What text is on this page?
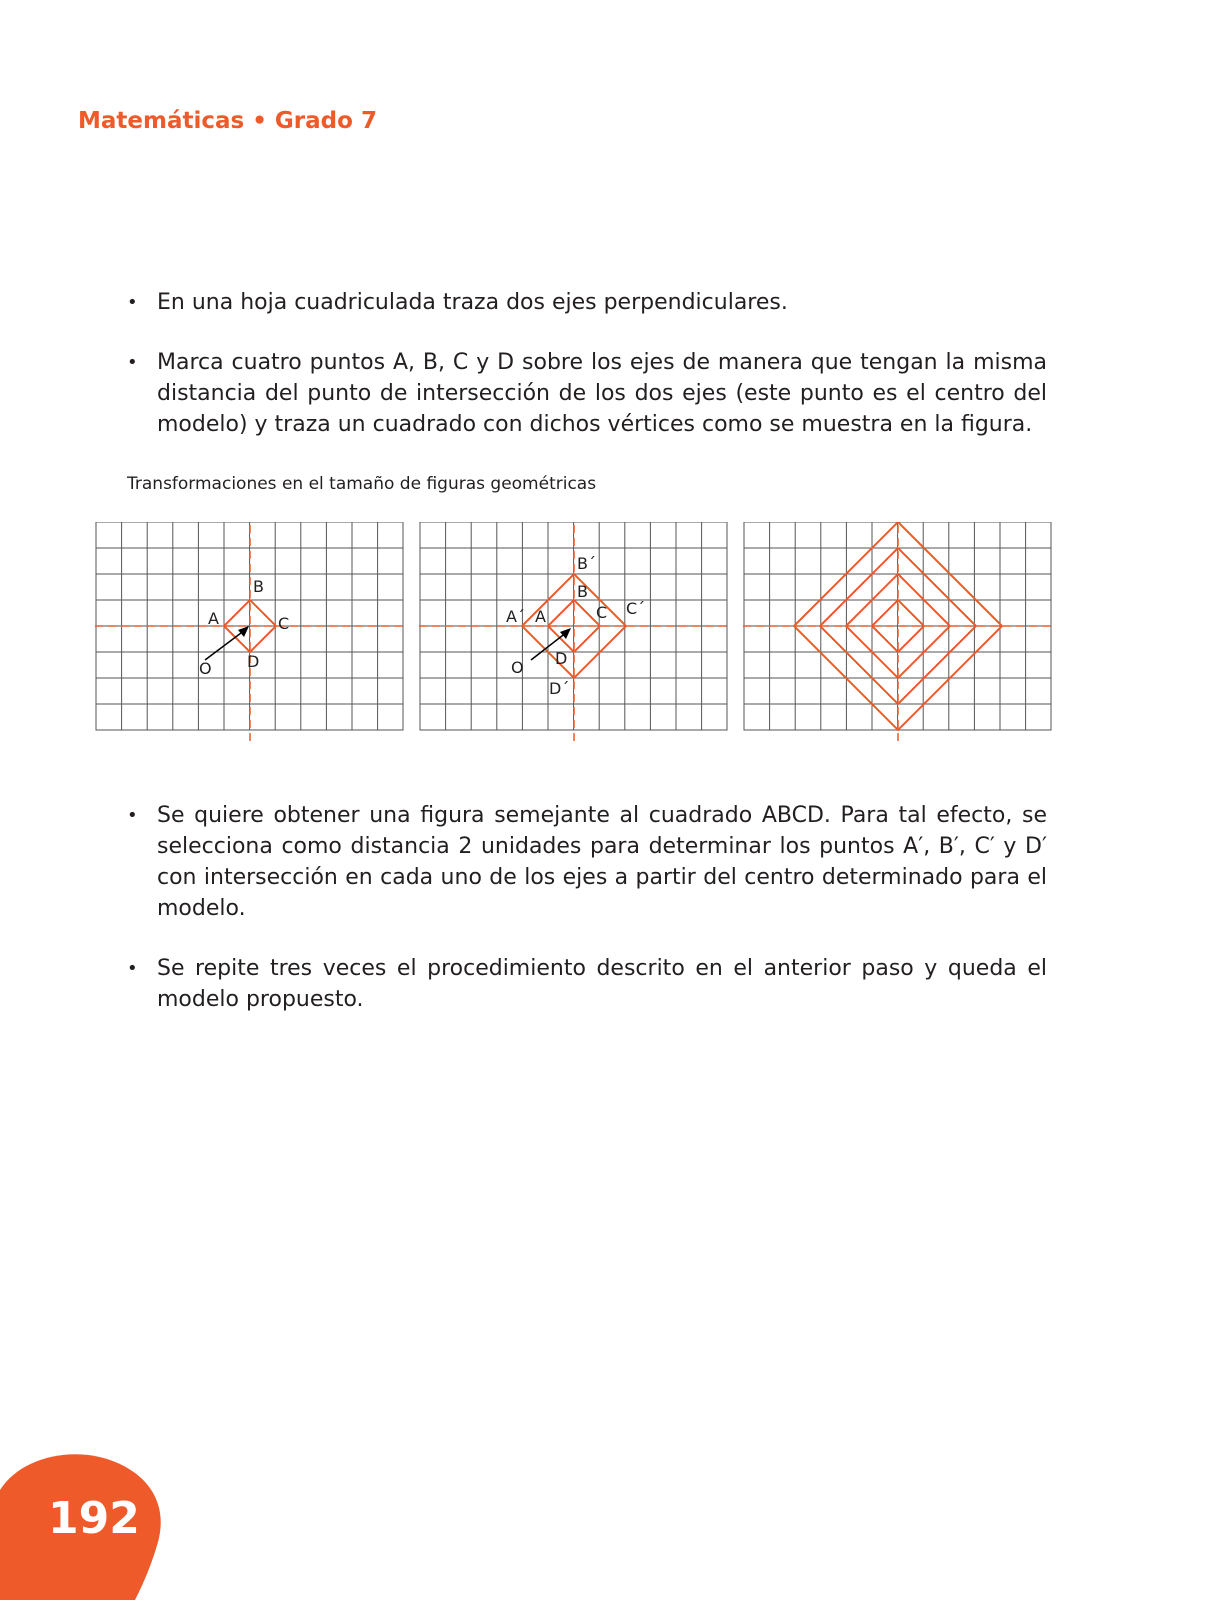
Matemáticas • Grado 7
• En una hoja cuadriculada traza dos ejes perpendiculares.
• Marca cuatro puntos A, B, C y D sobre los ejes de manera que tengan la misma distancia del punto de intersección de los dos ejes (este punto es el centro del modelo) y traza un cuadrado con dichos vértices como se muestra en la figura.
Transformaciones en el tamaño de figuras geométricas
B
A	C
D
O
B´
B
A´ A	C C´
D
D´
O
• Se quiere obtener una figura semejante al cuadrado ABCD. Para tal efecto, se selecciona como distancia 2 unidades para determinar los puntos A′, B′, C′ y D′ con intersección en cada uno de los ejes a partir del centro determinado para el modelo.
• Se repite tres veces el procedimiento descrito en el anterior paso y queda el modelo propuesto.
192
